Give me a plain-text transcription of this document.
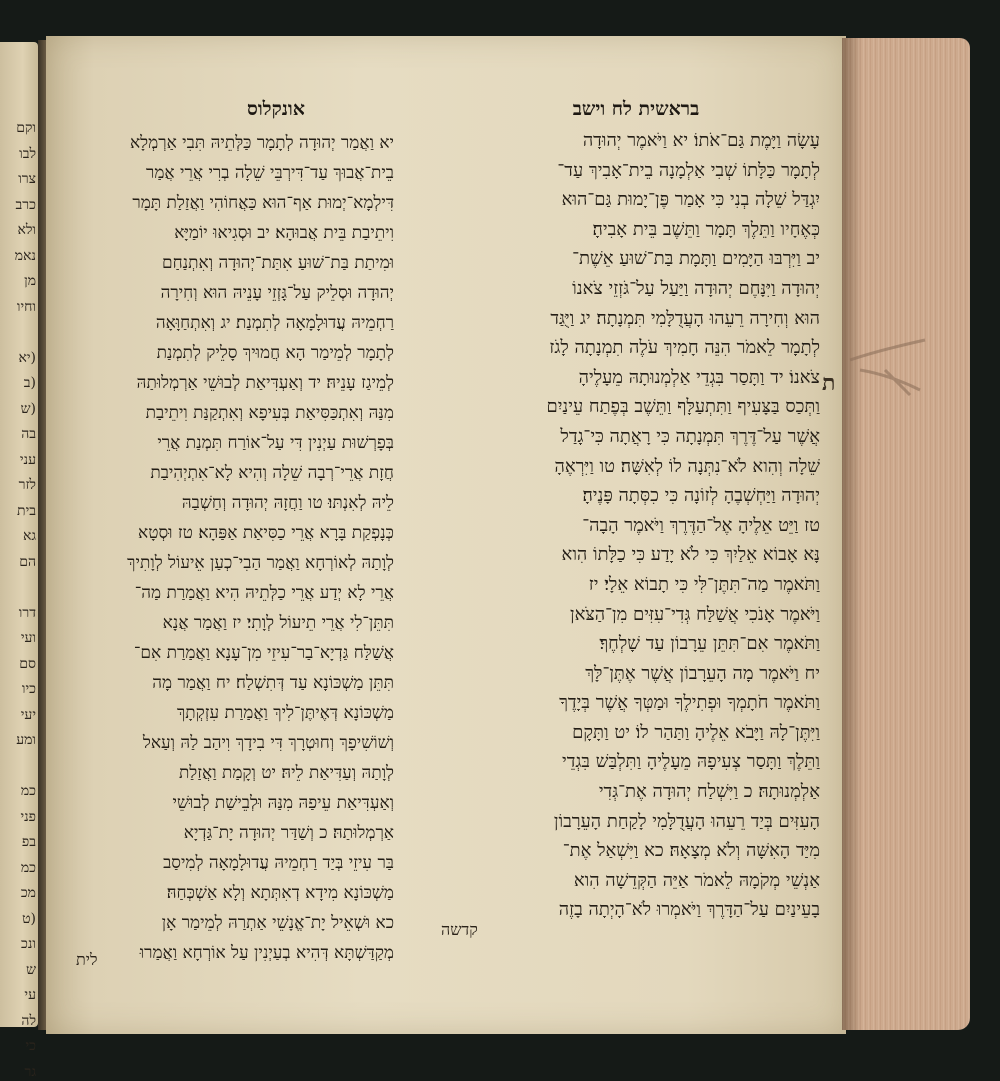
וקם
לבו
צרו
כרב
ולא
נאמ
מן
וחיו
(יא
(ב
(ש
בה
עני
לזר
בית
גא
הם
דרו
ועי
סם
כיו
יעי
ומע
כמ
פני
בפ
כמ
מכ
(ט
ונכ
ש
עי
לה
כי
גר
בראשית לח וישב
אונקלוס
עָשָׂה וַיָּמֶת גַּם־אֹתוֹ׃ יא וַיֹּאמֶר יְהוּדָה
לְתָמָר כַּלָּתוֹ שְׁבִי אַלְמָנָה בֵית־אָבִיךְ עַד־
יִגְדַּל שֵׁלָה בְנִי כִּי אָמַר פֶּן־יָמוּת גַּם־הוּא
כְּאֶחָיו וַתֵּלֶךְ תָּמָר וַתֵּשֶׁב בֵּית אָבִיהָ׃
יב וַיִּרְבּוּ הַיָּמִים וַתָּמָת בַּת־שׁוּעַ אֵשֶׁת־
יְהוּדָה וַיִּנָּחֶם יְהוּדָה וַיַּעַל עַל־גֹּזְזֵי צֹאנוֹ
הוּא וְחִירָה רֵעֵהוּ הָעֲדֻלָּמִי תִּמְנָתָה׃ יג וַיֻּגַּד
לְתָמָר לֵאמֹר הִנֵּה חָמִיךְ עֹלֶה תִמְנָתָה לָגֹז
צֹאנוֹ׃ יד וַתָּסַר בִּגְדֵי אַלְמְנוּתָהּ מֵעָלֶיהָ
וַתְּכַס בַּצָּעִיף וַתִּתְעַלָּף וַתֵּשֶׁב בְּפֶתַח עֵינַיִם
אֲשֶׁר עַל־דֶּרֶךְ תִּמְנָתָה כִּי רָאֲתָה כִּי־גָדַל
שֵׁלָה וְהִוא לֹא־נִתְּנָה לוֹ לְאִשָּׁה׃ טו וַיִּרְאֶהָ
יְהוּדָה וַיַּחְשְׁבֶהָ לְזוֹנָה כִּי כִסְּתָה פָּנֶיהָ׃
טז וַיֵּט אֵלֶיהָ אֶל־הַדֶּרֶךְ וַיֹּאמֶר הָבָה־
נָּא אָבוֹא אֵלַיִךְ כִּי לֹא יָדַע כִּי כַלָּתוֹ הִוא
וַתֹּאמֶר מַה־תִּתֶּן־לִּי כִּי תָבוֹא אֵלָי׃ יז
וַיֹּאמֶר אָנֹכִי אֲשַׁלַּח גְּדִי־עִזִּים מִן־הַצֹּאן
וַתֹּאמֶר אִם־תִּתֵּן עֵרָבוֹן עַד שָׁלְחֶךָ׃
יח וַיֹּאמֶר מָה הָעֵרָבוֹן אֲשֶׁר אֶתֶּן־לָּךְ
וַתֹּאמֶר חֹתָמְךָ וּפְתִילֶךָ וּמַטְּךָ אֲשֶׁר בְּיָדֶךָ
וַיִּתֶּן־לָהּ וַיָּבֹא אֵלֶיהָ וַתַּהַר לוֹ׃ יט וַתָּקָם
וַתֵּלֶךְ וַתָּסַר צְעִיפָהּ מֵעָלֶיהָ וַתִּלְבַּשׁ בִּגְדֵי
אַלְמְנוּתָהּ׃ כ וַיִּשְׁלַח יְהוּדָה אֶת־גְּדִי
הָעִזִּים בְּיַד רֵעֵהוּ הָעֲדֻלָּמִי לָקַחַת הָעֵרָבוֹן
מִיַּד הָאִשָּׁה וְלֹא מְצָאָהּ׃ כא וַיִּשְׁאַל אֶת־
אַנְשֵׁי מְקֹמָהּ לֵאמֹר אַיֵּה הַקְּדֵשָׁה הִוא
בָעֵינַיִם עַל־הַדָּרֶךְ וַיֹּאמְרוּ לֹא־הָיְתָה בָזֶה
יא וַאֲמַר יְהוּדָה לְתָמָר כַּלְּתֵיהּ תִּבִי אַרְמְלָא
בֵית־אֲבוּךְ עַד־דִּירְבֵּי שֵׁלָה בְרִי אֲרֵי אֲמַר
דִּילְמָא־יְמוּת אַף־הוּא כַּאֲחוֹהִי וַאֲזַלַת תָּמָר
וִיתֵיבַת בֵּית אֲבוּהָא׃ יב וּסְגִיאוּ יוֹמַיָּא
וּמִיתַת בַּת־שׁוּעַ אִתַּת־יְהוּדָה וְאִתְנַחַם
יְהוּדָה וּסְלֵיק עַל־גָּזְזֵי עָנֵיהּ הוּא וְחִירָה
רַחְמֵיהּ עֲדוּלָמָאָה לְתִמְנַת׃ יג וְאִתְחַוָּאָה
לְתָמָר לְמֵימַר הָא חֲמוּיךְ סָלֵיק לְתִמְנַת
לְמֵיגַז עָנֵיהּ׃ יד וְאַעְדִּיאַת לְבוּשֵׁי אַרְמְלוּתַהּ
מִנַּהּ וְאִתְכַּסִּיאַת בְּעִיפָא וְאִתְקַנַּת וִיתֵיבַת
בְּפָרְשׁוּת עַיְנִין דִּי עַל־אוֹרַח תִּמְנַת אֲרֵי
חֲזָת אֲרֵי־רְבָה שֵׁלָה וְהִיא לָא־אִתְיְהִיבַת
לֵיהּ לְאִנְתּוּ׃ טו וַחֲזָהּ יְהוּדָה וְחַשְׁבַהּ
כְּנָפְקַת בָּרָא אֲרֵי כַסִּיאַת אַפַּהָא׃ טז וּסְטָא
לְוָתַהּ לְאוֹרְחָא וַאֲמַר הַבִי־כְעַן אֵיעוֹל לְוָתִיךְ
אֲרֵי לָא יְדַע אֲרֵי כַלְּתֵיהּ הִיא וַאֲמַרַת מַה־
תִּתֵּן־לִי אֲרֵי תֵיעוֹל לְוָתִי׃ יז וַאֲמַר אֲנָא
אֲשַׁלַּח גַּדְיָא־בַר־עִיזֵי מִן־עָנָא וַאֲמַרַת אִם־
תִּתֵּן מַשְׁכּוֹנָא עַד דְּתִשְׁלַח׃ יח וַאֲמַר מָה
מַשְׁכּוֹנָא דְּאֶיתֶּן־לִיךְ וַאֲמַרַת עִזְקְתָךְ
וְשׁוֹשִׁיפָךְ וְחוּטְרָךְ דִּי בִידָךְ וִיהַב לַהּ וְעַאל
לְוָתַהּ וְעַדִּיאַת לֵיהּ׃ יט וְקָמַת וַאֲזַלַת
וְאַעְדִּיאַת עֵיפַהּ מִנַּהּ וּלְבֵישַׁת לְבוּשֵׁי
אַרְמְלוּתַהּ׃ כ וְשַׁדַּר יְהוּדָה יָת־גַּדְיָא
בַּר עִיזֵי בְּיַד רַחְמֵיהּ עֲדוּלָמָאָה לְמִיסַב
מַשְׁכּוֹנָא מִידָא דְאִתְּתָא וְלָא אַשְׁכְּחַהּ׃
כא וּשְׁאֵיל יָת־אֱנָשֵׁי אַתְרַהּ לְמֵימַר אָן
מְקַדַּשְׁתָּא דְּהִיא בְעַיְנִין עַל אוֹרְחָא וַאֲמַרוּ
קדשה
לית
ת
